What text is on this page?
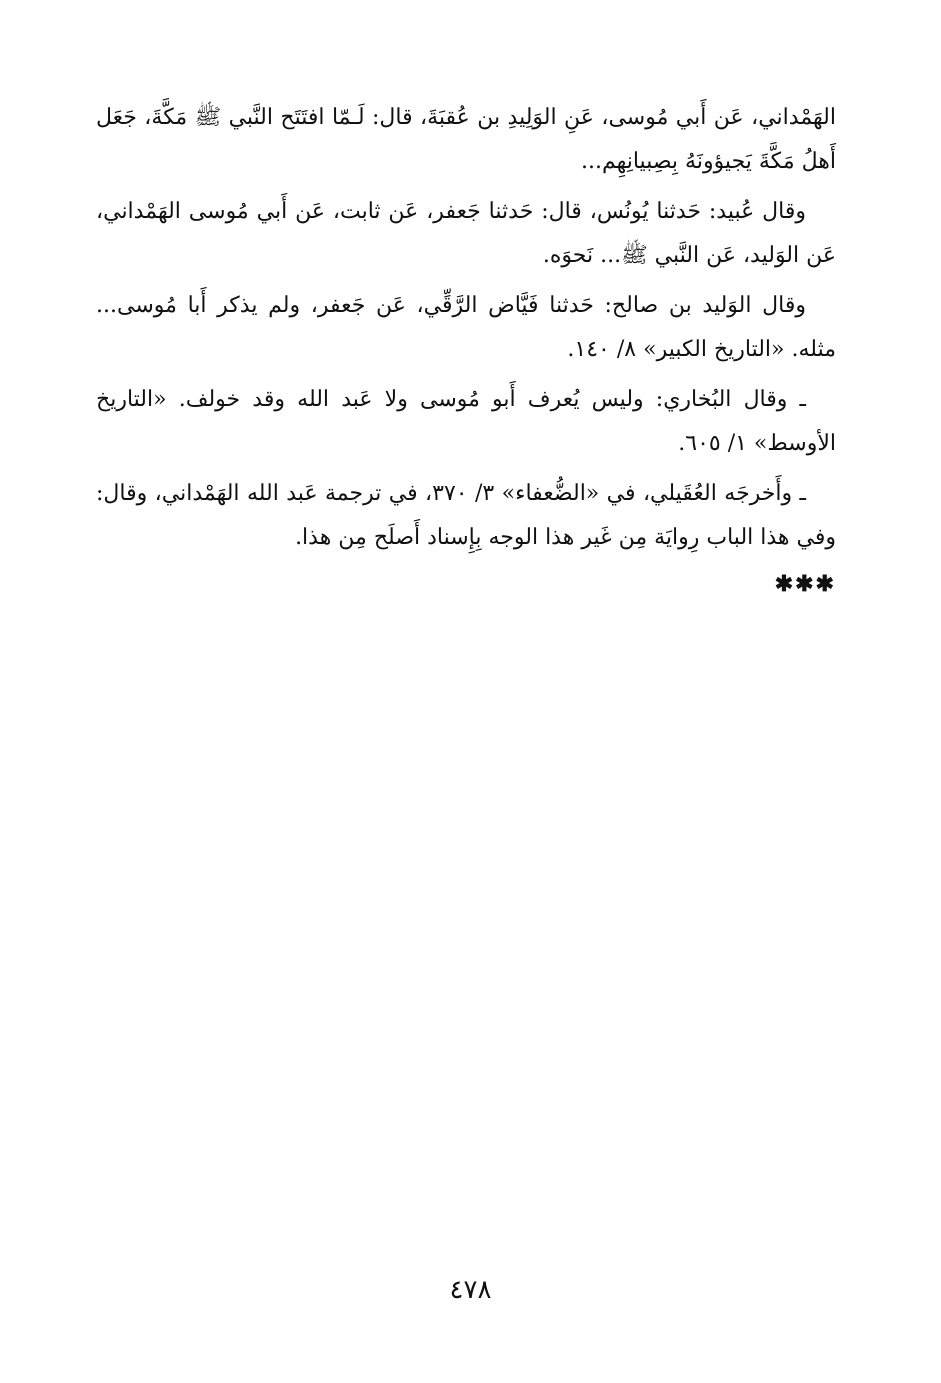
الهَمْداني، عَن أَبي مُوسى، عَنِ الوَلِيدِ بن عُقبَةَ، قال: لَـمّا افتَتَح النَّبي ﷺ مَكَّةَ، جَعَل أَهلُ مَكَّةَ يَجيؤونَهُ بِصِبيانِهِم...

وقال عُبيد: حَدثنا يُونُس، قال: حَدثنا جَعفر، عَن ثابت، عَن أَبي مُوسى الهَمْداني، عَن الوَليد، عَن النَّبي ﷺ... نَحوَه.

وقال الوَليد بن صالح: حَدثنا فَيَّاض الرَّقِّي، عَن جَعفر، ولم يذكر أَبا مُوسى... مثله. «التاريخ الكبير» ٨/ ١٤٠.

ـ وقال البُخاري: وليس يُعرف أَبو مُوسى ولا عَبد الله وقد خولف. «التاريخ الأوسط» ١/ ٦٠٥.

ـ وأَخرجَه العُقَيلي، في «الضُّعفاء» ٣/ ٣٧٠، في ترجمة عَبد الله الهَمْداني، وقال: وفي هذا الباب رِوايَة مِن غَير هذا الوجه بِإِسناد أَصلَح مِن هذا.

✱✱✱
٤٧٨
